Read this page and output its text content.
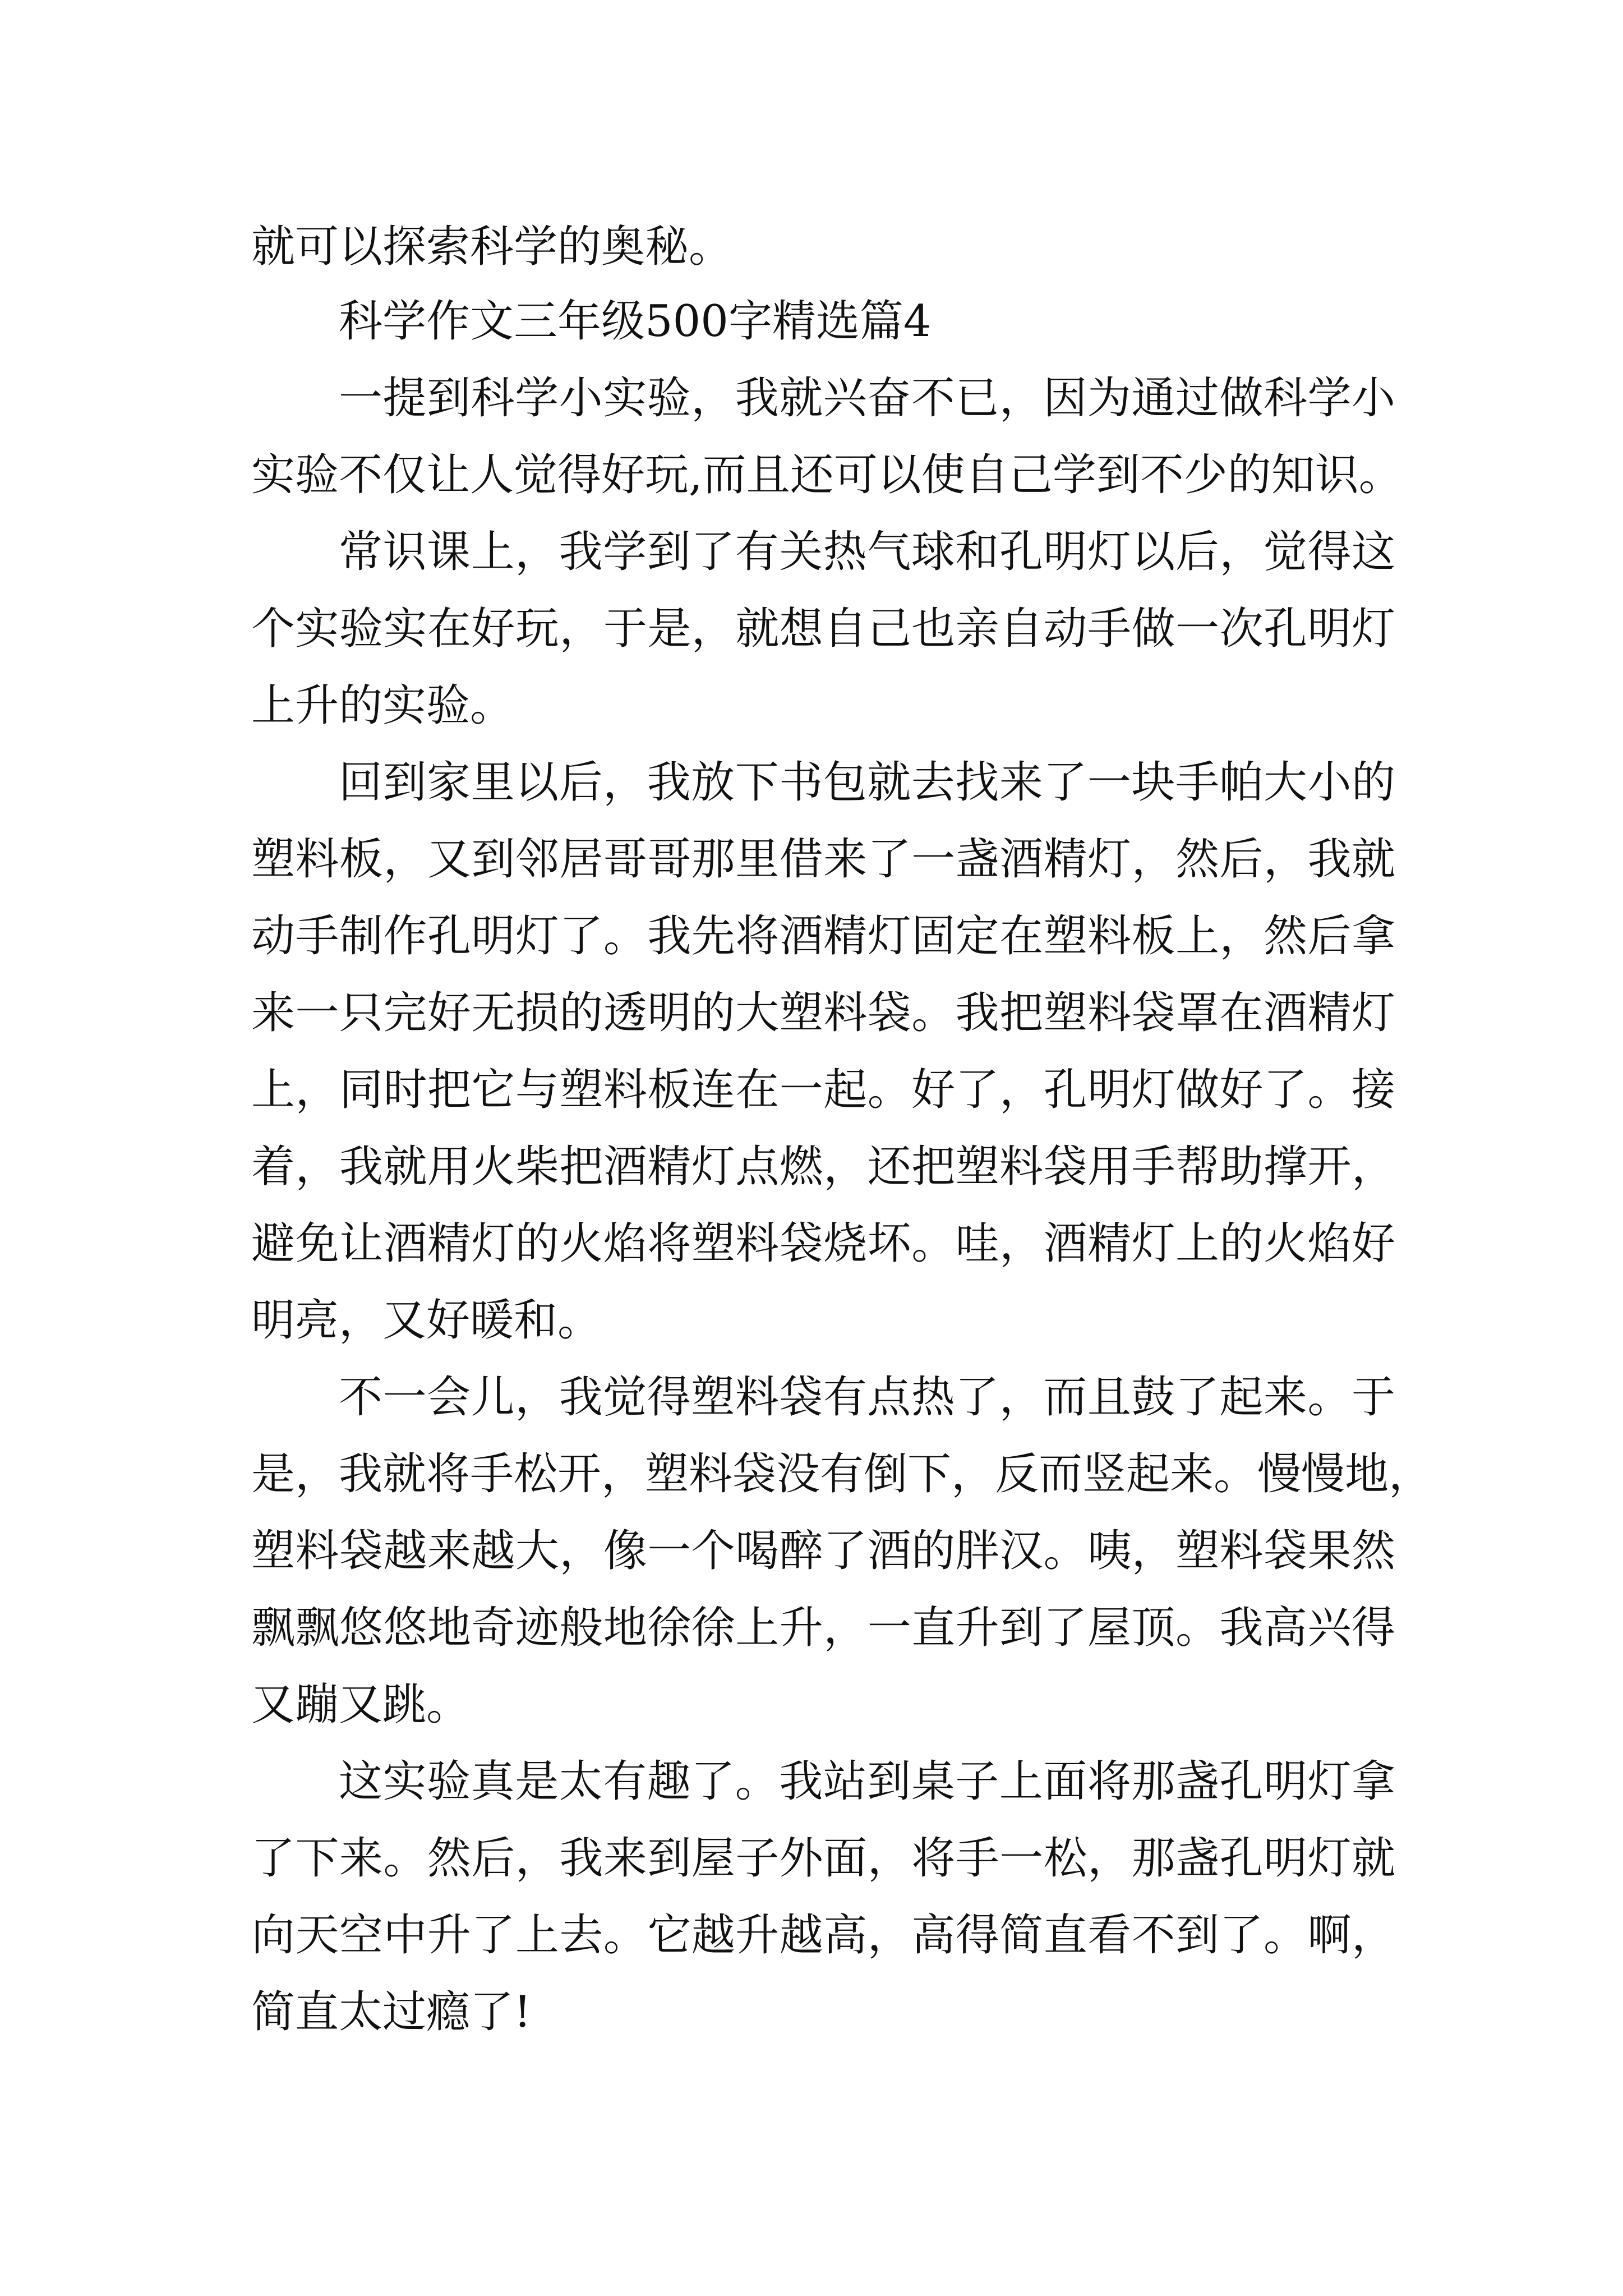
就可以探索科学的奥秘。
科学作文三年级500字精选篇4
一提到科学小实验，我就兴奋不已，因为通过做科学小
实验不仅让人觉得好玩,而且还可以使自己学到不少的知识。
常识课上，我学到了有关热气球和孔明灯以后，觉得这
个实验实在好玩，于是，就想自己也亲自动手做一次孔明灯
上升的实验。
回到家里以后，我放下书包就去找来了一块手帕大小的
塑料板，又到邻居哥哥那里借来了一盏酒精灯，然后，我就
动手制作孔明灯了。我先将酒精灯固定在塑料板上，然后拿
来一只完好无损的透明的大塑料袋。我把塑料袋罩在酒精灯
上，同时把它与塑料板连在一起。好了，孔明灯做好了。接
着，我就用火柴把酒精灯点燃，还把塑料袋用手帮助撑开，
避免让酒精灯的火焰将塑料袋烧坏。哇，酒精灯上的火焰好
明亮，又好暖和。
不一会儿，我觉得塑料袋有点热了，而且鼓了起来。于
是，我就将手松开，塑料袋没有倒下，反而竖起来。慢慢地，
塑料袋越来越大，像一个喝醉了酒的胖汉。咦，塑料袋果然
飘飘悠悠地奇迹般地徐徐上升，一直升到了屋顶。我高兴得
又蹦又跳。
这实验真是太有趣了。我站到桌子上面将那盏孔明灯拿
了下来。然后，我来到屋子外面，将手一松，那盏孔明灯就
向天空中升了上去。它越升越高，高得简直看不到了。啊，
简直太过瘾了!
